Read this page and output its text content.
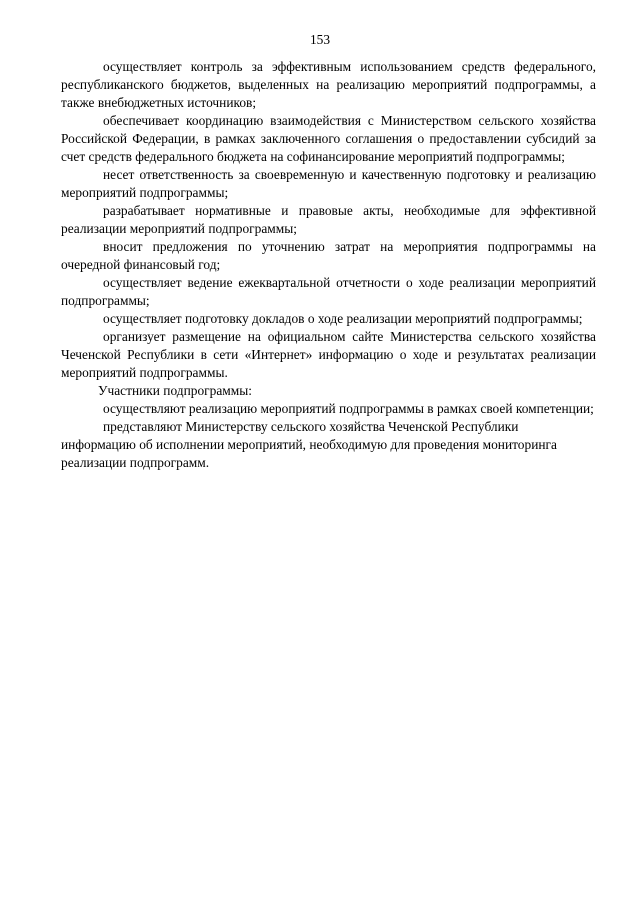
153

осуществляет контроль за эффективным использованием средств федерального, республиканского бюджетов, выделенных на реализацию мероприятий подпрограммы, а также внебюджетных источников;

обеспечивает координацию взаимодействия с Министерством сельского хозяйства Российской Федерации, в рамках заключенного соглашения о предоставлении субсидий за счет средств федерального бюджета на софинансирование мероприятий подпрограммы;

несет ответственность за своевременную и качественную подготовку и реализацию мероприятий подпрограммы;

разрабатывает нормативные и правовые акты, необходимые для эффективной реализации мероприятий подпрограммы;

вносит предложения по уточнению затрат на мероприятия подпрограммы на очередной финансовый год;

осуществляет ведение ежеквартальной отчетности о ходе реализации мероприятий подпрограммы;

осуществляет подготовку докладов о ходе реализации мероприятий подпрограммы;

организует размещение на официальном сайте Министерства сельского хозяйства Чеченской Республики в сети «Интернет» информацию о ходе и результатах реализации мероприятий подпрограммы.

Участники подпрограммы:

осуществляют реализацию мероприятий подпрограммы в рамках своей компетенции;

представляют Министерству сельского хозяйства Чеченской Республики информацию об исполнении мероприятий, необходимую для проведения мониторинга реализации подпрограмм.
